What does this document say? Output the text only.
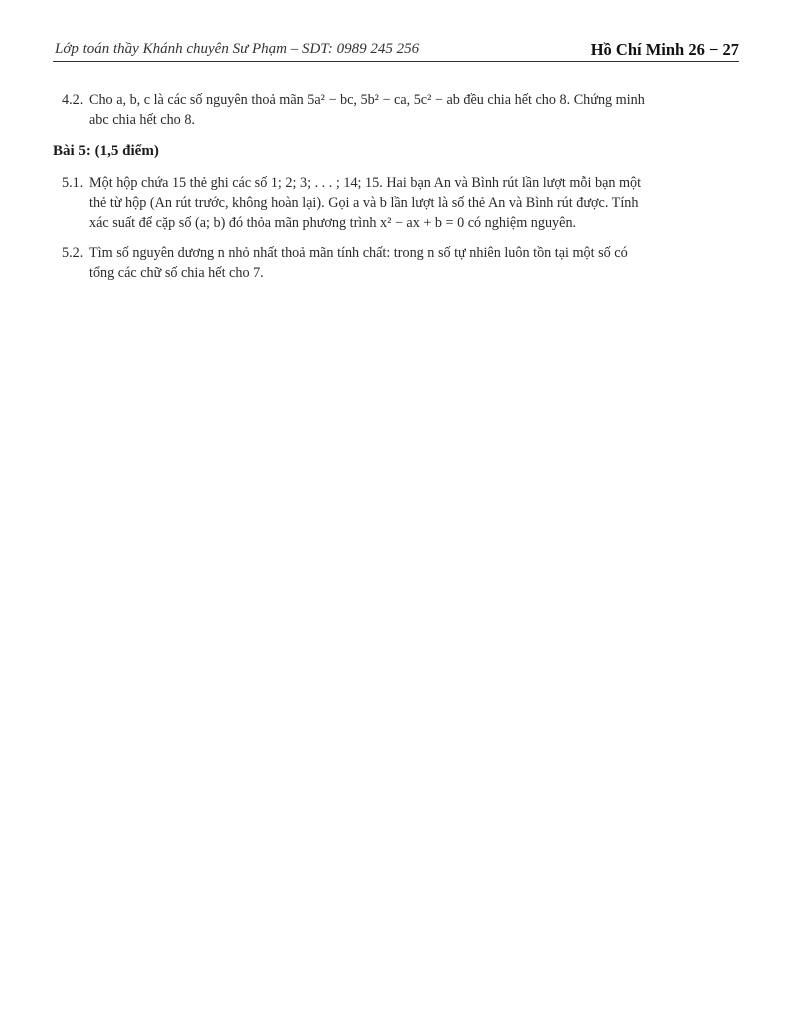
Lớp toán thầy Khánh chuyên Sư Phạm – SDT: 0989 245 256	Hồ Chí Minh 26 − 27
4.2. Cho a, b, c là các số nguyên thoả mãn 5a² − bc, 5b² − ca, 5c² − ab đều chia hết cho 8. Chứng minh
abc chia hết cho 8.
Bài 5: (1,5 điểm)
5.1. Một hộp chứa 15 thẻ ghi các số 1; 2; 3; . . . ; 14; 15. Hai bạn An và Bình rút lần lượt mỗi bạn một
thẻ từ hộp (An rút trước, không hoàn lại). Gọi a và b lần lượt là số thẻ An và Bình rút được. Tính
xác suất để cặp số (a; b) đó thỏa mãn phương trình x² − ax + b = 0 có nghiệm nguyên.
5.2. Tìm số nguyên dương n nhỏ nhất thoả mãn tính chất: trong n số tự nhiên luôn tồn tại một số có
tổng các chữ số chia hết cho 7.
